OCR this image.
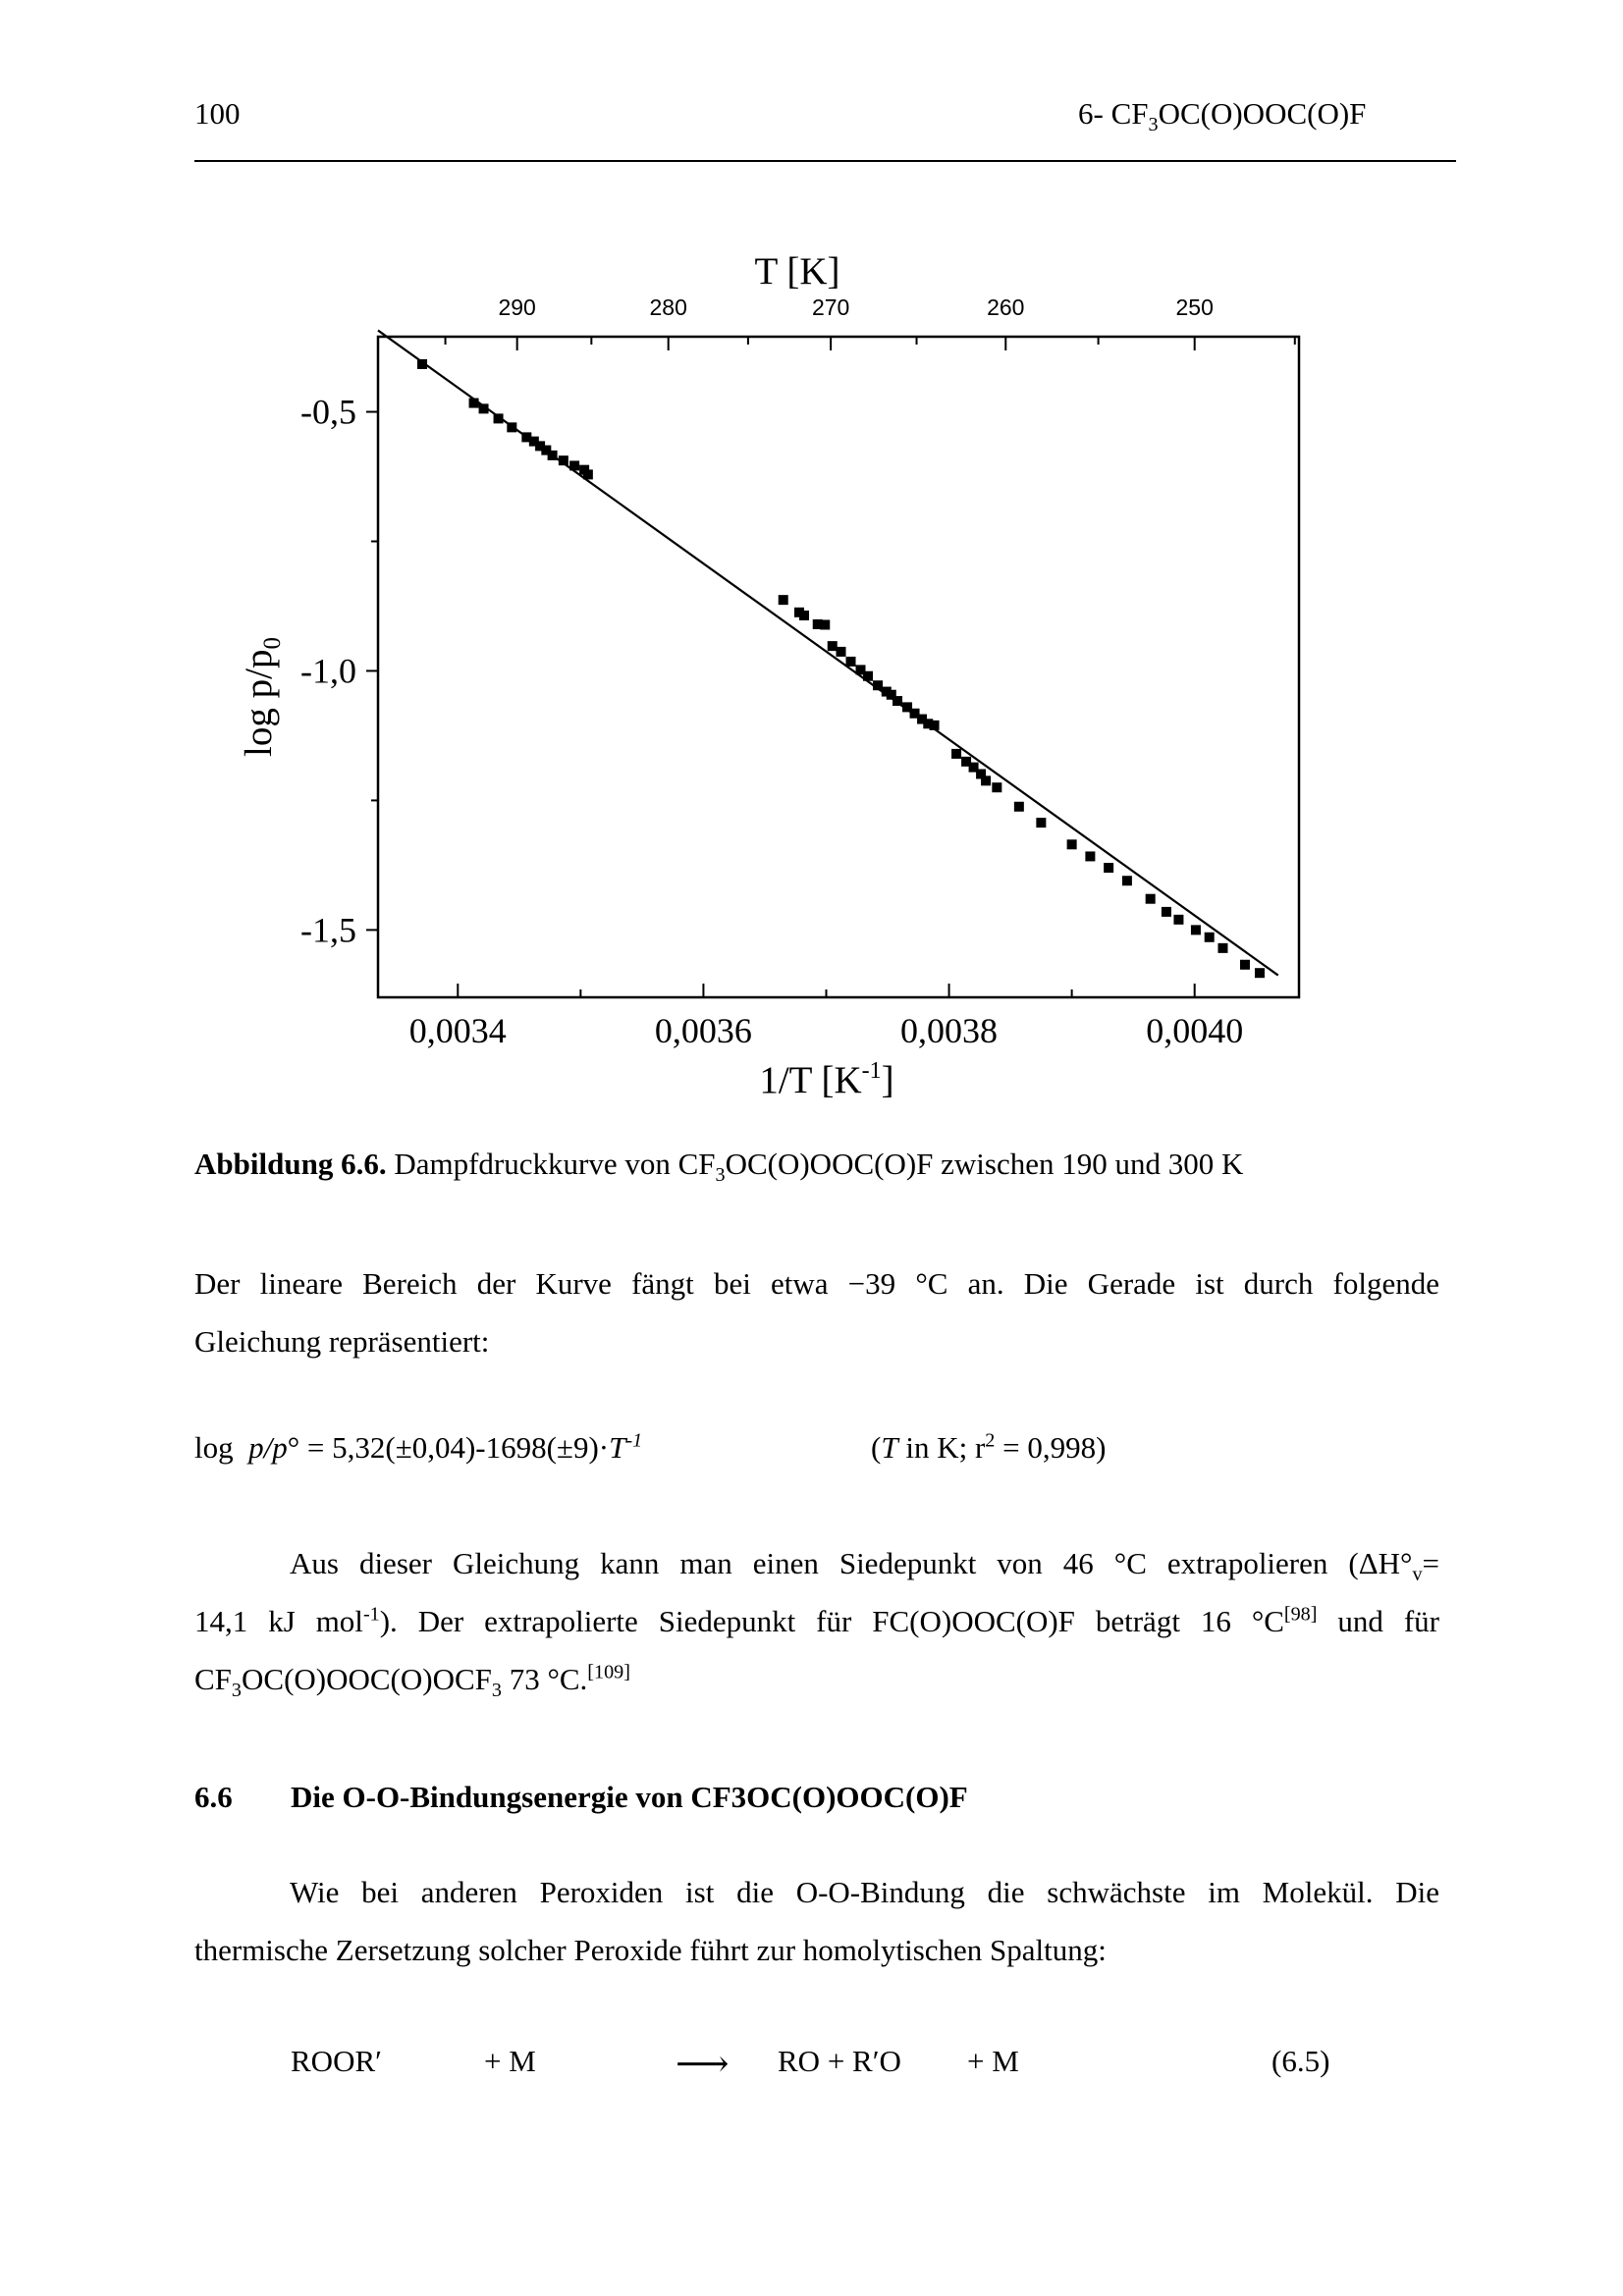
100	6- $CF_3OC(O)OOC(O)F$
0,0034	0,0036	0,0038	0,0040
-0,5
-1,0
-1,5
290	280	270	260	250
1/T $[K^{-1}]$
$\log p/p_0$
T [K]
Abbildung 6.6. Dampfdruckkurve von $CF_3OC(O)OOC(O)F$ zwischen 190 und 300 K
Der lineare Bereich der Kurve fängt bei etwa −39 °C an. Die Gerade ist durch folgende
Gleichung repräsentiert:
$\log p/p^\circ = 5,32(\pm 0,04)-1698(\pm 9)\cdot T^{-1}$	(T in K; $r^2 = 0,998$)
Aus dieser Gleichung kann man einen Siedepunkt von 46 °C extrapolieren ($\Delta H^\circ_v=$
14,1 kJ mol$^{-1}$). Der extrapolierte Siedepunkt für FC(O)OOC(O)F beträgt 16 °C[98] und für
$CF_3OC(O)OOC(O)OCF_3$ 73 °C.[109]
6.6 Die O-O-Bindungsenergie von CF3OC(O)OOC(O)F
Wie bei anderen Peroxiden ist die O-O-Bindung die schwächste im Molekül. Die
thermische Zersetzung solcher Peroxide führt zur homolytischen Spaltung:
ROOR′	+ M	⟶ RO + R′O + M	(6.5)
